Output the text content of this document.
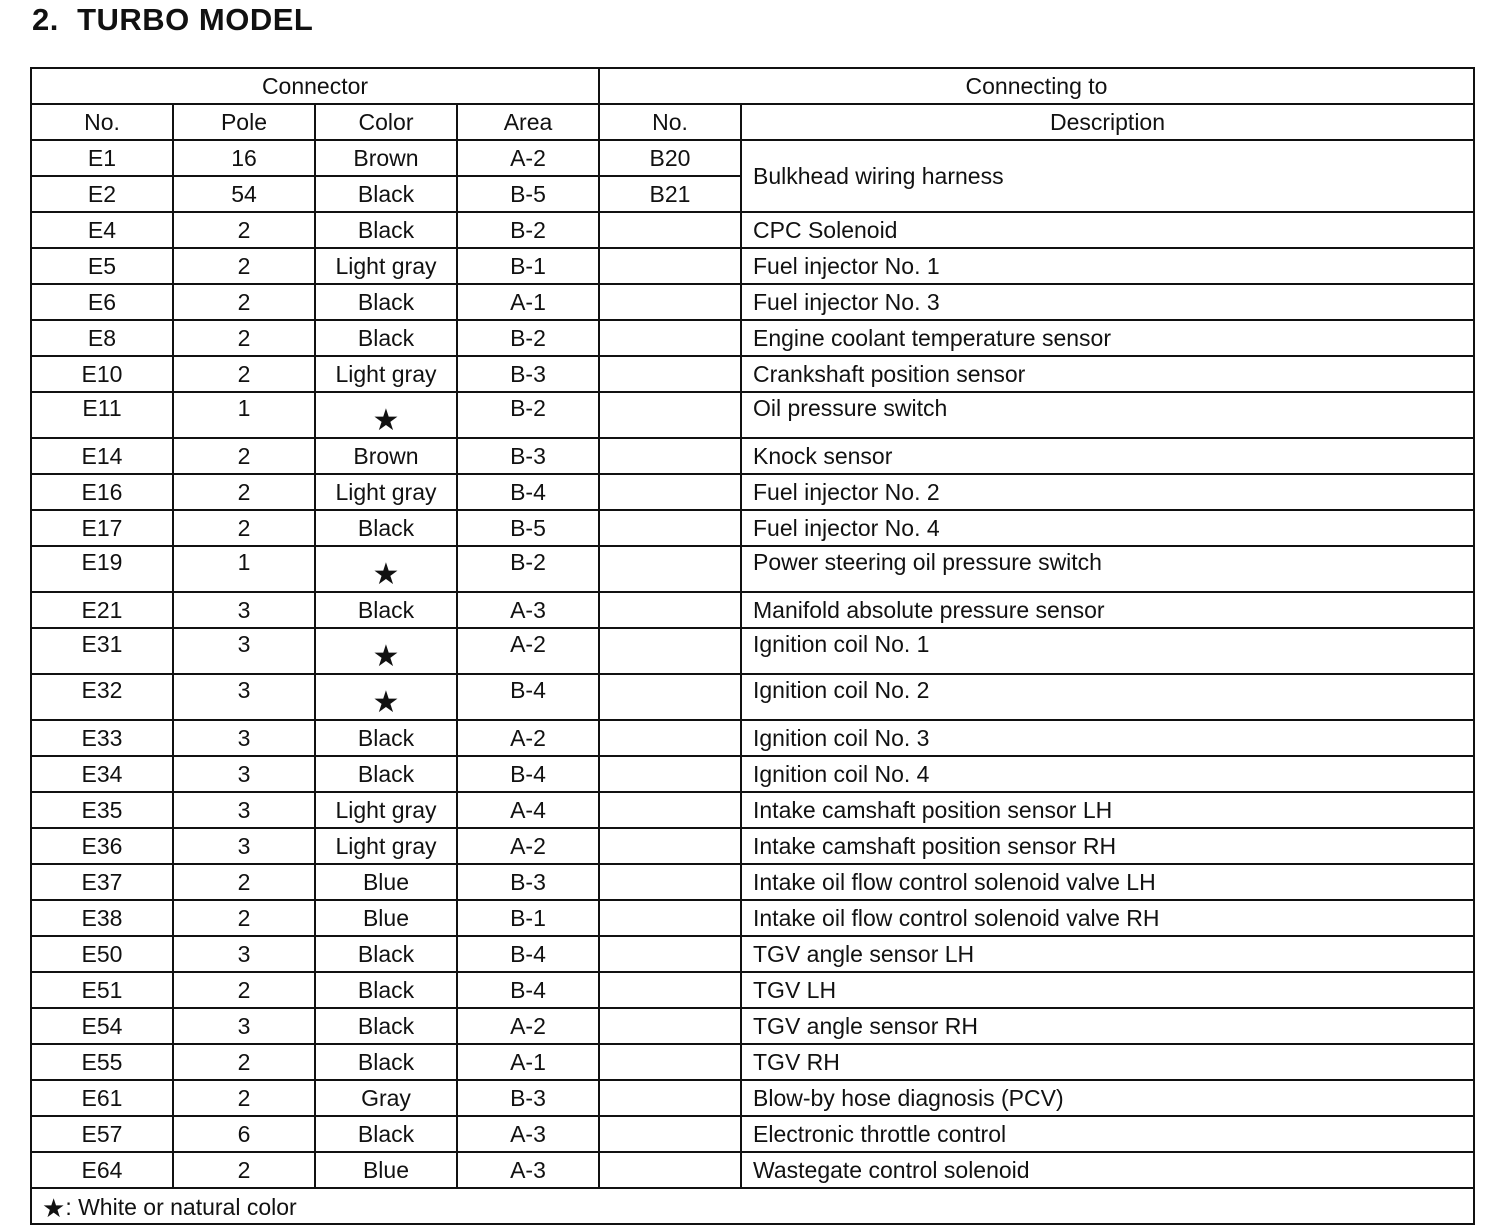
2.  TURBO MODEL
Connector				Connecting to	
No.	Pole	Color	Area	No.	Description
E1	16	Brown	A-2	B20	Bulkhead wiring harness
E2	54	Black	B-5	B21	
E4	2	Black	B-2		CPC Solenoid
E5	2	Light gray	B-1		Fuel injector No. 1
E6	2	Black	A-1		Fuel injector No. 3
E8	2	Black	B-2		Engine coolant temperature sensor
E10	2	Light gray	B-3		Crankshaft position sensor
E11	1	★	B-2		Oil pressure switch
E14	2	Brown	B-3		Knock sensor
E16	2	Light gray	B-4		Fuel injector No. 2
E17	2	Black	B-5		Fuel injector No. 4
E19	1	★	B-2		Power steering oil pressure switch
E21	3	Black	A-3		Manifold absolute pressure sensor
E31	3	★	A-2		Ignition coil No. 1
E32	3	★	B-4		Ignition coil No. 2
E33	3	Black	A-2		Ignition coil No. 3
E34	3	Black	B-4		Ignition coil No. 4
E35	3	Light gray	A-4		Intake camshaft position sensor LH
E36	3	Light gray	A-2		Intake camshaft position sensor RH
E37	2	Blue	B-3		Intake oil flow control solenoid valve LH
E38	2	Blue	B-1		Intake oil flow control solenoid valve RH
E50	3	Black	B-4		TGV angle sensor LH
E51	2	Black	B-4		TGV LH
E54	3	Black	A-2		TGV angle sensor RH
E55	2	Black	A-1		TGV RH
E61	2	Gray	B-3		Blow-by hose diagnosis (PCV)
E57	6	Black	A-3		Electronic throttle control
E64	2	Blue	A-3		Wastegate control solenoid
★: White or natural color					
